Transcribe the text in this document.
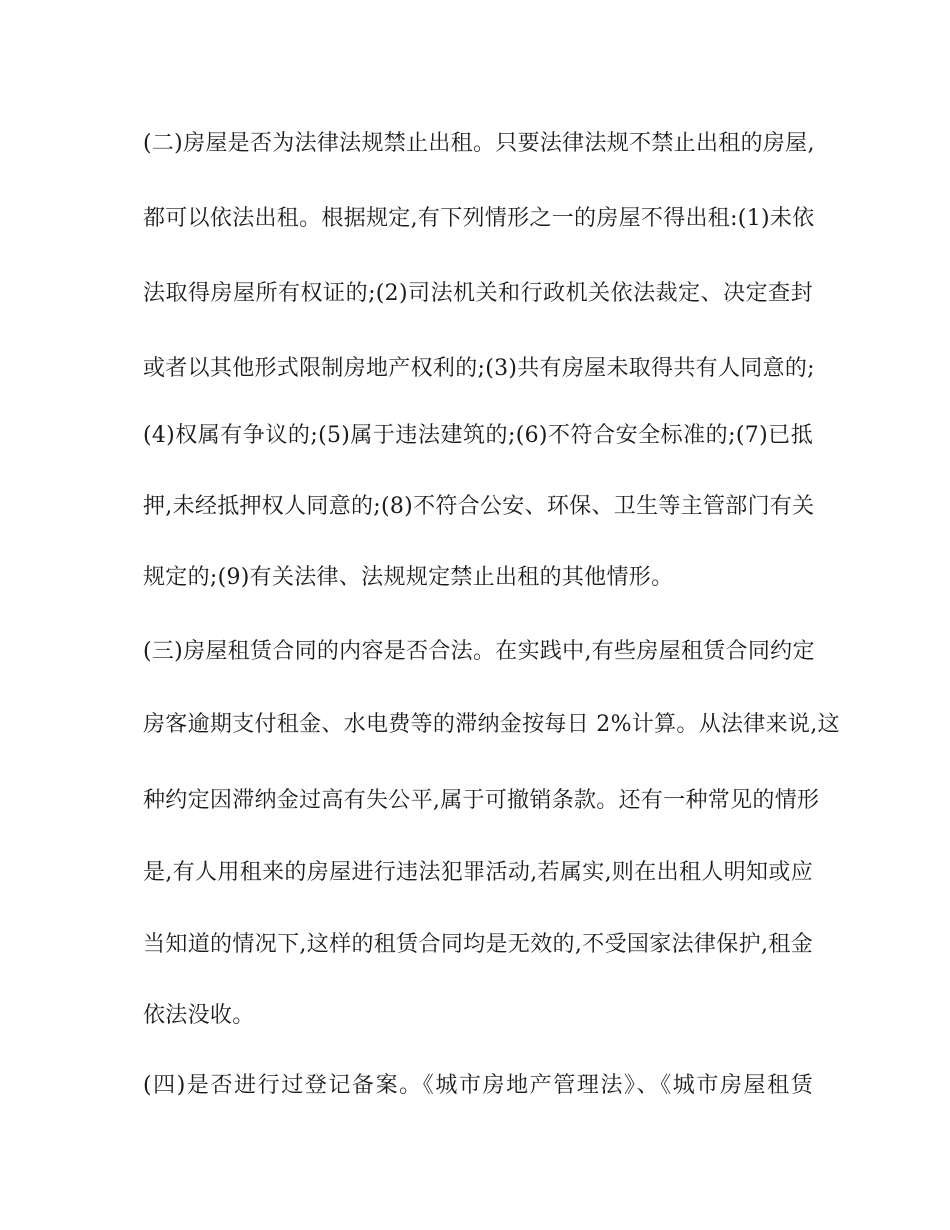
(二)房屋是否为法律法规禁止出租。只要法律法规不禁止出租的房屋,
都可以依法出租。根据规定,有下列情形之一的房屋不得出租:(1)未依
法取得房屋所有权证的;(2)司法机关和行政机关依法裁定、决定查封
或者以其他形式限制房地产权利的;(3)共有房屋未取得共有人同意的;
(4)权属有争议的;(5)属于违法建筑的;(6)不符合安全标准的;(7)已抵
押,未经抵押权人同意的;(8)不符合公安、环保、卫生等主管部门有关
规定的;(9)有关法律、法规规定禁止出租的其他情形。
(三)房屋租赁合同的内容是否合法。在实践中,有些房屋租赁合同约定
房客逾期支付租金、水电费等的滞纳金按每日 2%计算。从法律来说,这
种约定因滞纳金过高有失公平,属于可撤销条款。还有一种常见的情形
是,有人用租来的房屋进行违法犯罪活动,若属实,则在出租人明知或应
当知道的情况下,这样的租赁合同均是无效的,不受国家法律保护,租金
依法没收。
(四)是否进行过登记备案。《城市房地产管理法》、《城市房屋租赁
